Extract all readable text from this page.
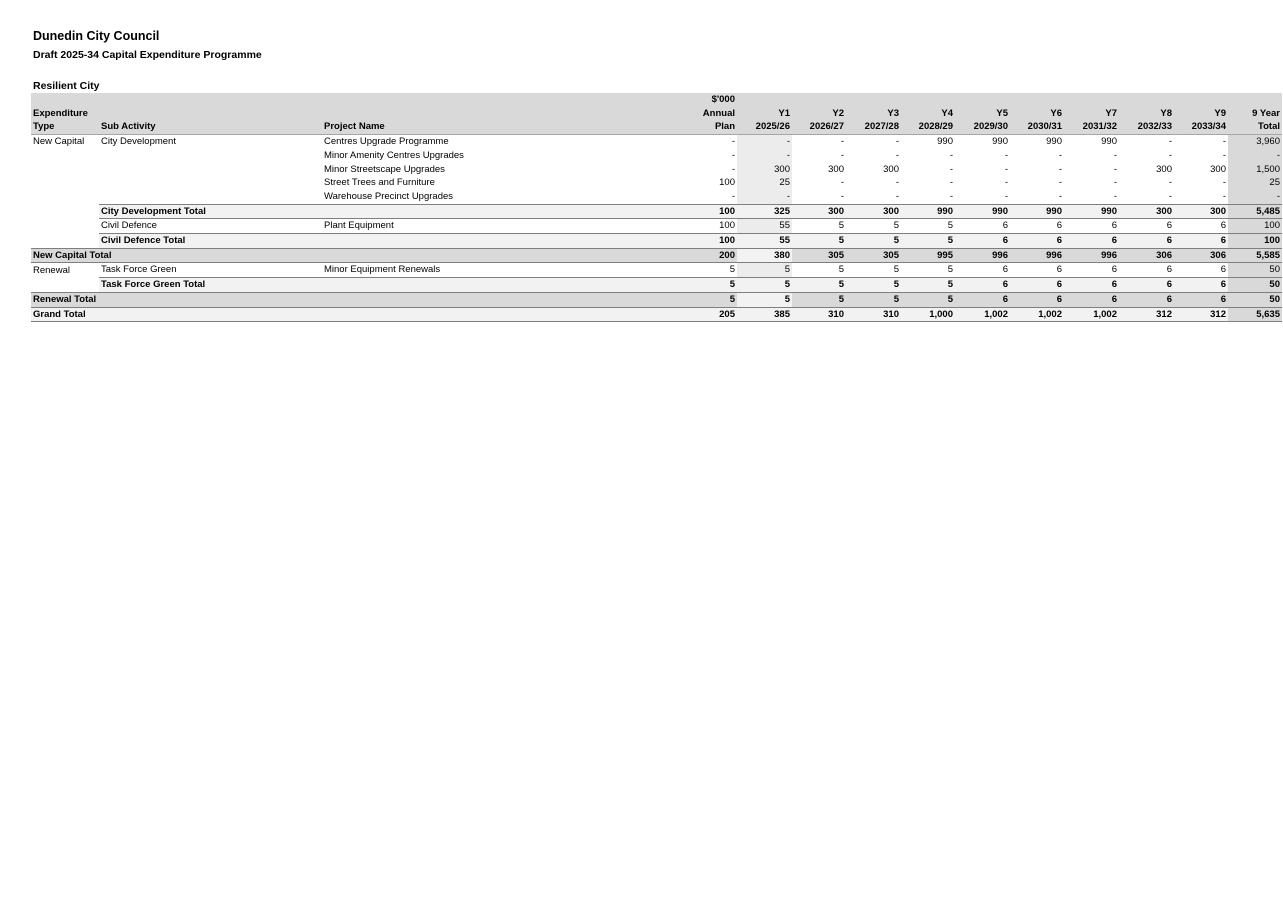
Dunedin City Council
Draft 2025-34 Capital Expenditure Programme
Resilient City
			$'000										
Expenditure			Annual	Y1	Y2	Y3	Y4	Y5	Y6	Y7	Y8	Y9	9 Year
Type	Sub Activity	Project Name	Plan	2025/26	2026/27	2027/28	2028/29	2029/30	2030/31	2031/32	2032/33	2033/34	Total
New Capital	City Development	Centres Upgrade Programme	-	-	-	-	990	990	990	990	-	-	3,960
		Minor Amenity Centres Upgrades	-	-	-	-	-	-	-	-	-	-	-
		Minor Streetscape Upgrades	-	300	300	300	-	-	-	-	300	300	1,500
		Street Trees and Furniture	100	25	-	-	-	-	-	-	-	-	25
		Warehouse Precinct Upgrades	-	-	-	-	-	-	-	-	-	-	-
	City Development Total		100	325	300	300	990	990	990	990	300	300	5,485
	Civil Defence	Plant Equipment	100	55	5	5	5	6	6	6	6	6	100
	Civil Defence Total		100	55	5	5	5	6	6	6	6	6	100
New Capital Total			200	380	305	305	995	996	996	996	306	306	5,585
Renewal	Task Force Green	Minor Equipment Renewals	5	5	5	5	5	6	6	6	6	6	50
	Task Force Green Total		5	5	5	5	5	6	6	6	6	6	50
Renewal Total			5	5	5	5	5	6	6	6	6	6	50
Grand Total			205	385	310	310	1,000	1,002	1,002	1,002	312	312	5,635
